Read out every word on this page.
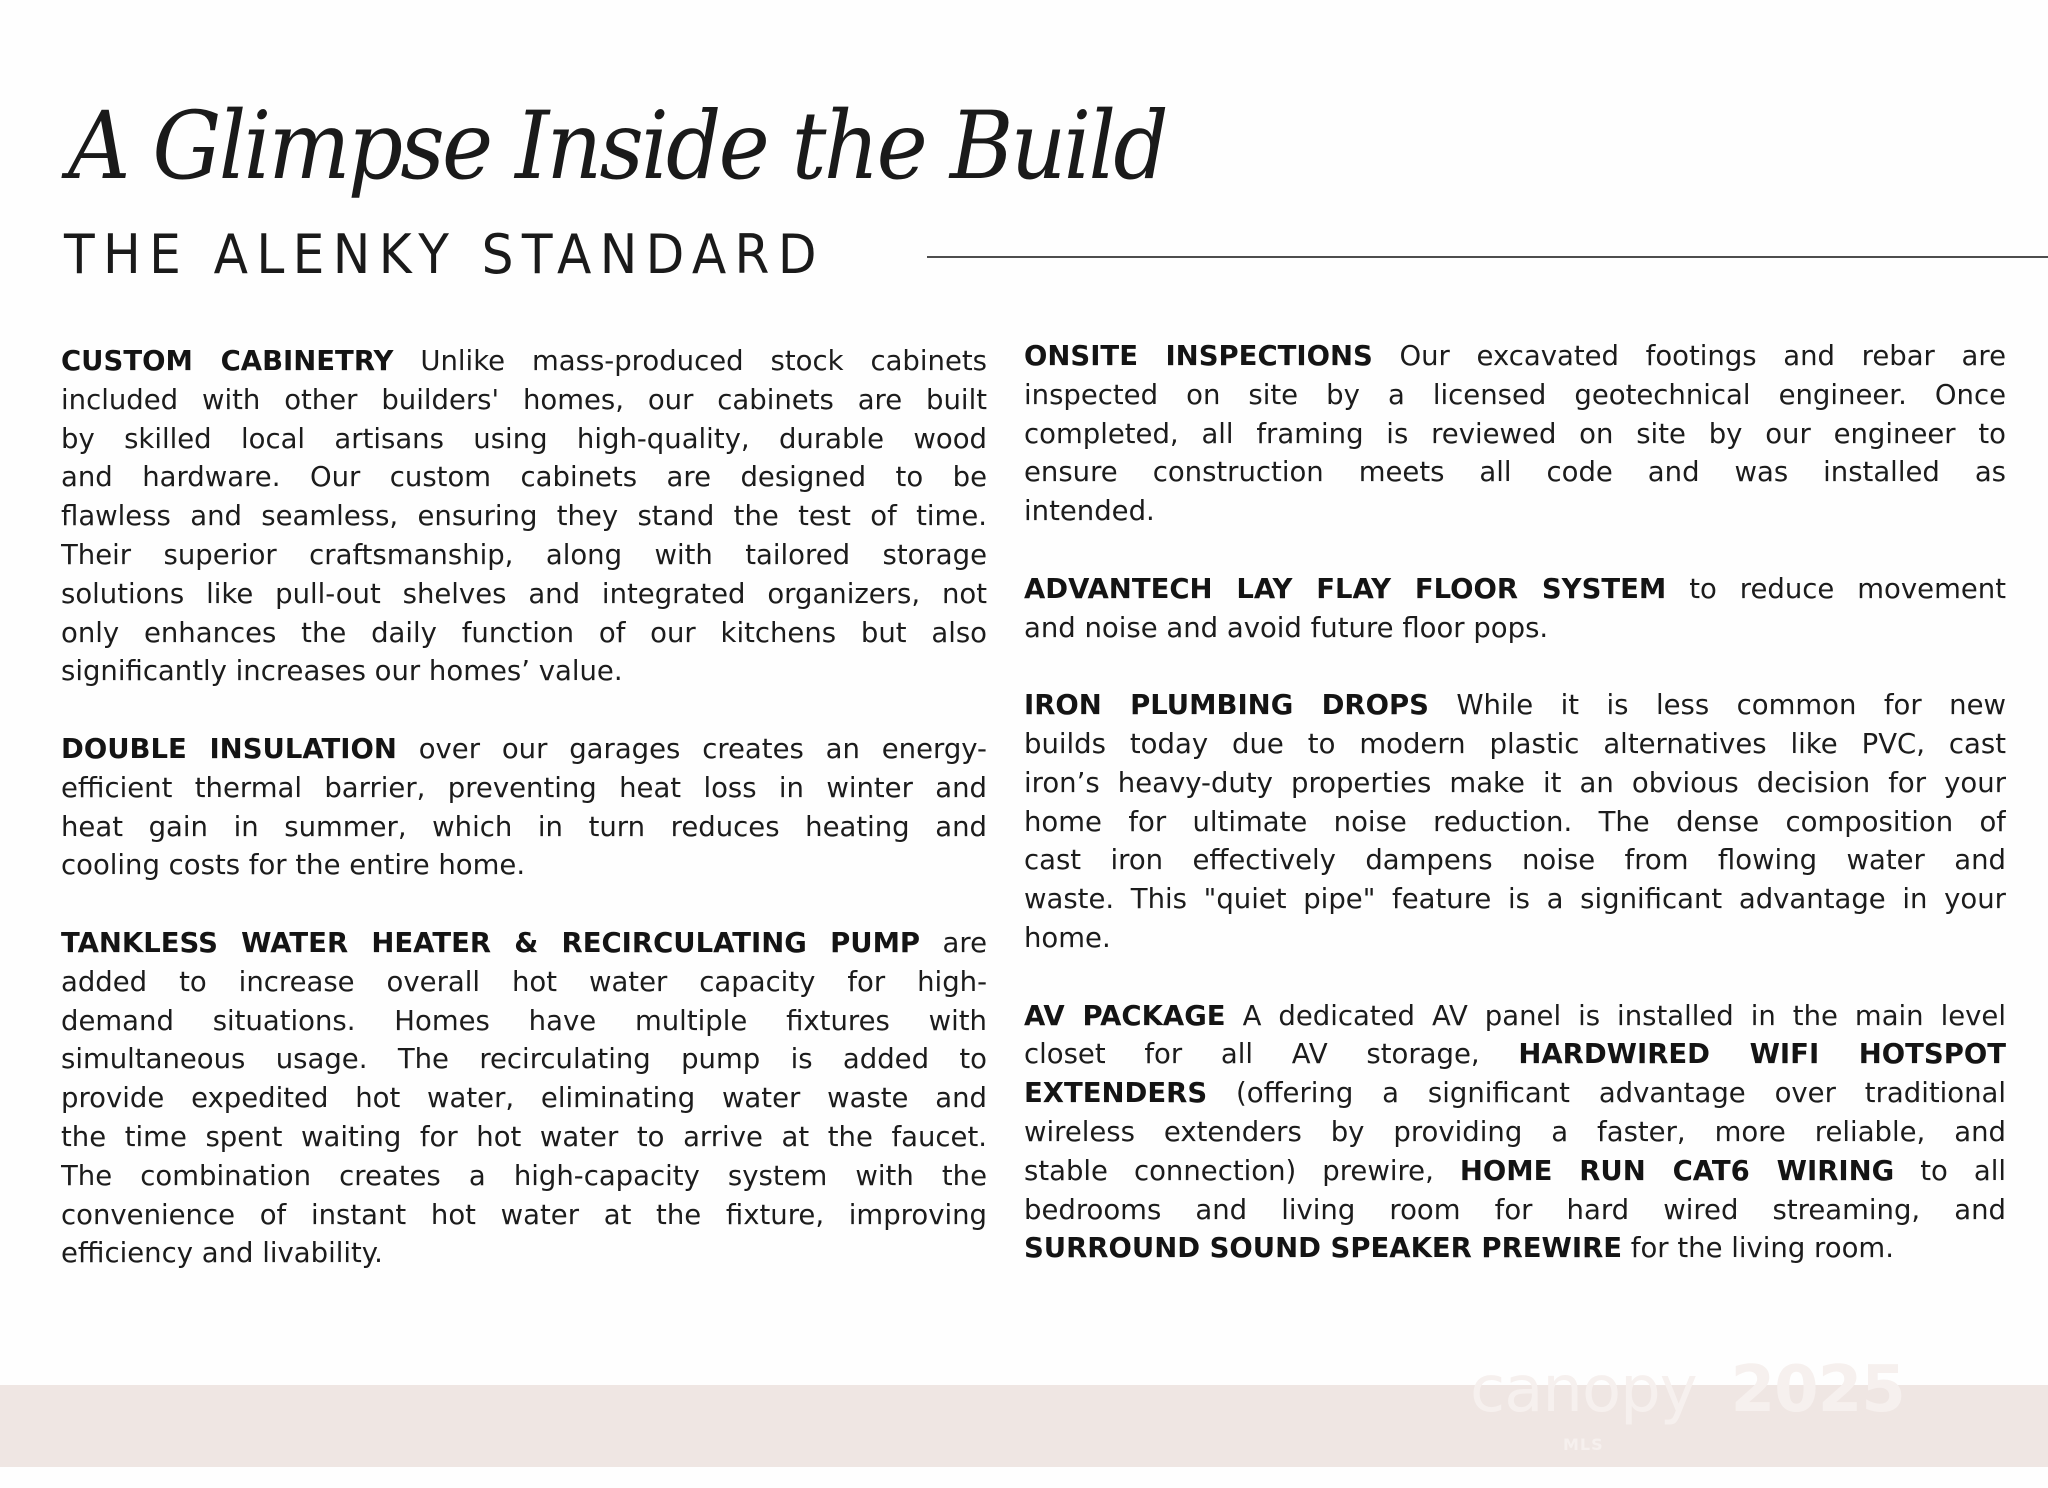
A Glimpse Inside the Build
THE ALENKY STANDARD
CUSTOM CABINETRY Unlike mass-produced stock cabinets
included with other builders' homes, our cabinets are built
by skilled local artisans using high-quality, durable wood
and hardware. Our custom cabinets are designed to be
flawless and seamless, ensuring they stand the test of time.
Their superior craftsmanship, along with tailored storage
solutions like pull-out shelves and integrated organizers, not
only enhances the daily function of our kitchens but also
significantly increases our homes’ value.
DOUBLE INSULATION over our garages creates an energy-
efficient thermal barrier, preventing heat loss in winter and
heat gain in summer, which in turn reduces heating and
cooling costs for the entire home.
TANKLESS WATER HEATER & RECIRCULATING PUMP are
added to increase overall hot water capacity for high-
demand situations. Homes have multiple fixtures with
simultaneous usage. The recirculating pump is added to
provide expedited hot water, eliminating water waste and
the time spent waiting for hot water to arrive at the faucet.
The combination creates a high-capacity system with the
convenience of instant hot water at the fixture, improving
efficiency and livability.
ONSITE INSPECTIONS Our excavated footings and rebar are
inspected on site by a licensed geotechnical engineer. Once
completed, all framing is reviewed on site by our engineer to
ensure construction meets all code and was installed as
intended.
ADVANTECH LAY FLAY FLOOR SYSTEM to reduce movement
and noise and avoid future floor pops.
IRON PLUMBING DROPS While it is less common for new
builds today due to modern plastic alternatives like PVC, cast
iron’s heavy-duty properties make it an obvious decision for your
home for ultimate noise reduction. The dense composition of
cast iron effectively dampens noise from flowing water and
waste. This "quiet pipe" feature is a significant advantage in your
home.
AV PACKAGE A dedicated AV panel is installed in the main level
closet for all AV storage, HARDWIRED WIFI HOTSPOT
EXTENDERS (offering a significant advantage over traditional
wireless extenders by providing a faster, more reliable, and
stable connection) prewire, HOME RUN CAT6 WIRING to all
bedrooms and living room for hard wired streaming, and
SURROUND SOUND SPEAKER PREWIRE for the living room.
canopy
MLS
2025
